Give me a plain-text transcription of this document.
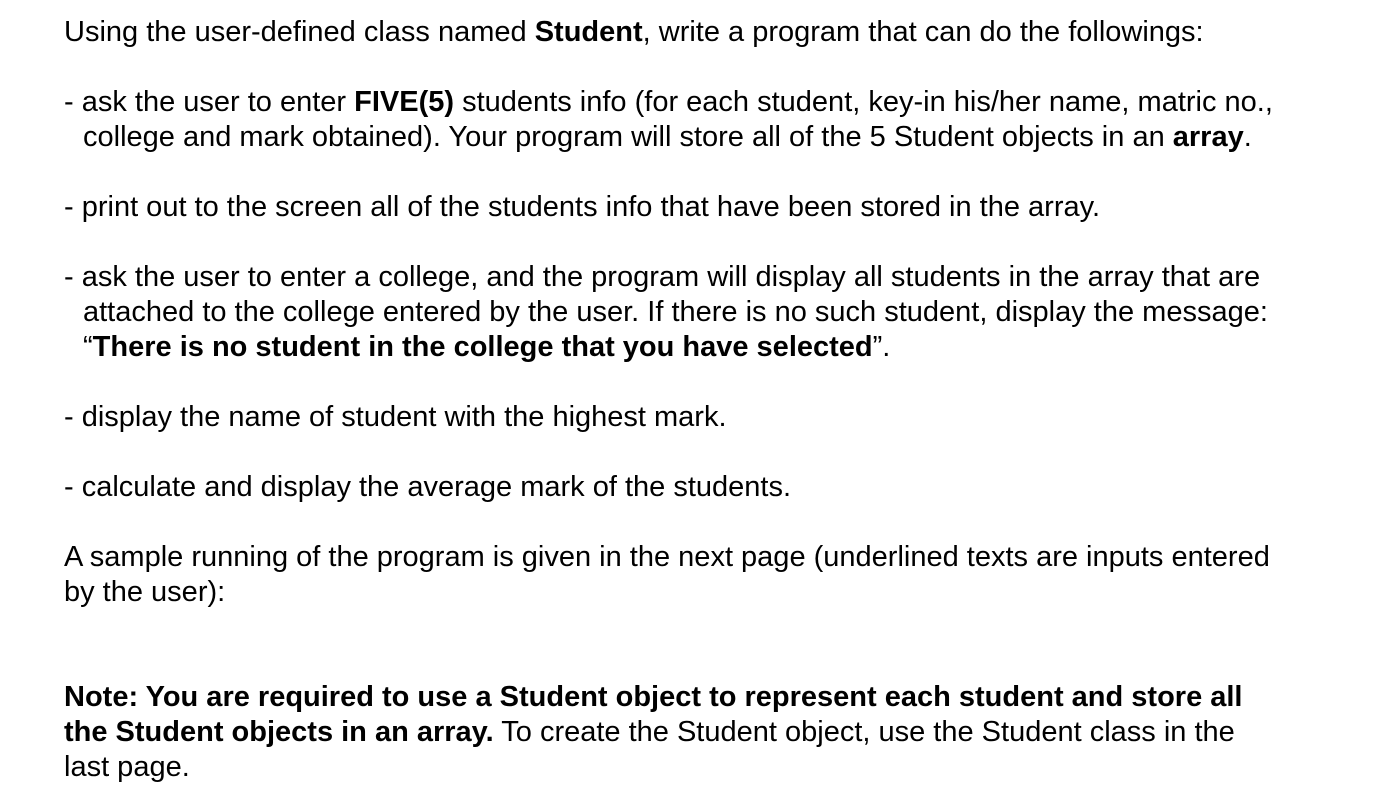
Using the user-defined class named Student, write a program that can do the followings:

- ask the user to enter FIVE(5) students info (for each student, key-in his/her name, matric no.,
college and mark obtained). Your program will store all of the 5 Student objects in an array.

- print out to the screen all of the students info that have been stored in the array.

- ask the user to enter a college, and the program will display all students in the array that are
attached to the college entered by the user. If there is no such student, display the message:
“There is no student in the college that you have selected”.

- display the name of student with the highest mark.

- calculate and display the average mark of the students.

A sample running of the program is given in the next page (underlined texts are inputs entered
by the user):

Note: You are required to use a Student object to represent each student and store all
the Student objects in an array. To create the Student object, use the Student class in the
last page.
